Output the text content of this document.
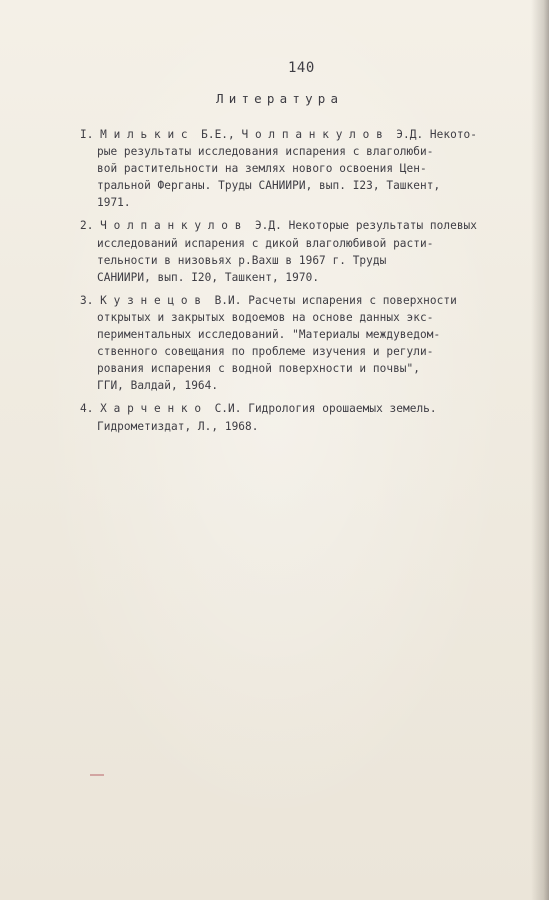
140
Литература
I. М и л ь к и с  Б.Е., Ч о л п а н к у л о в  Э.Д. Некото-
рые результаты исследования испарения с влаголюби-
вой растительности на землях нового освоения Цен-
тральной Ферганы. Труды САНИИРИ, вып. I23, Ташкент,
1971.
2. Ч о л п а н к у л о в  Э.Д. Некоторые результаты полевых
исследований испарения с дикой влаголюбивой расти-
тельности в низовьях р.Вахш в 1967 г. Труды
САНИИРИ, вып. I20, Ташкент, 1970.
3. К у з н е ц о в  В.И. Расчеты испарения с поверхности
открытых и закрытых водоемов на основе данных экс-
периментальных исследований. "Материалы междуведом-
ственного совещания по проблеме изучения и регули-
рования испарения с водной поверхности и почвы",
ГГИ, Валдай, 1964.
4. Х а р ч е н к о  С.И. Гидрология орошаемых земель.
Гидрометиздат, Л., 1968.
